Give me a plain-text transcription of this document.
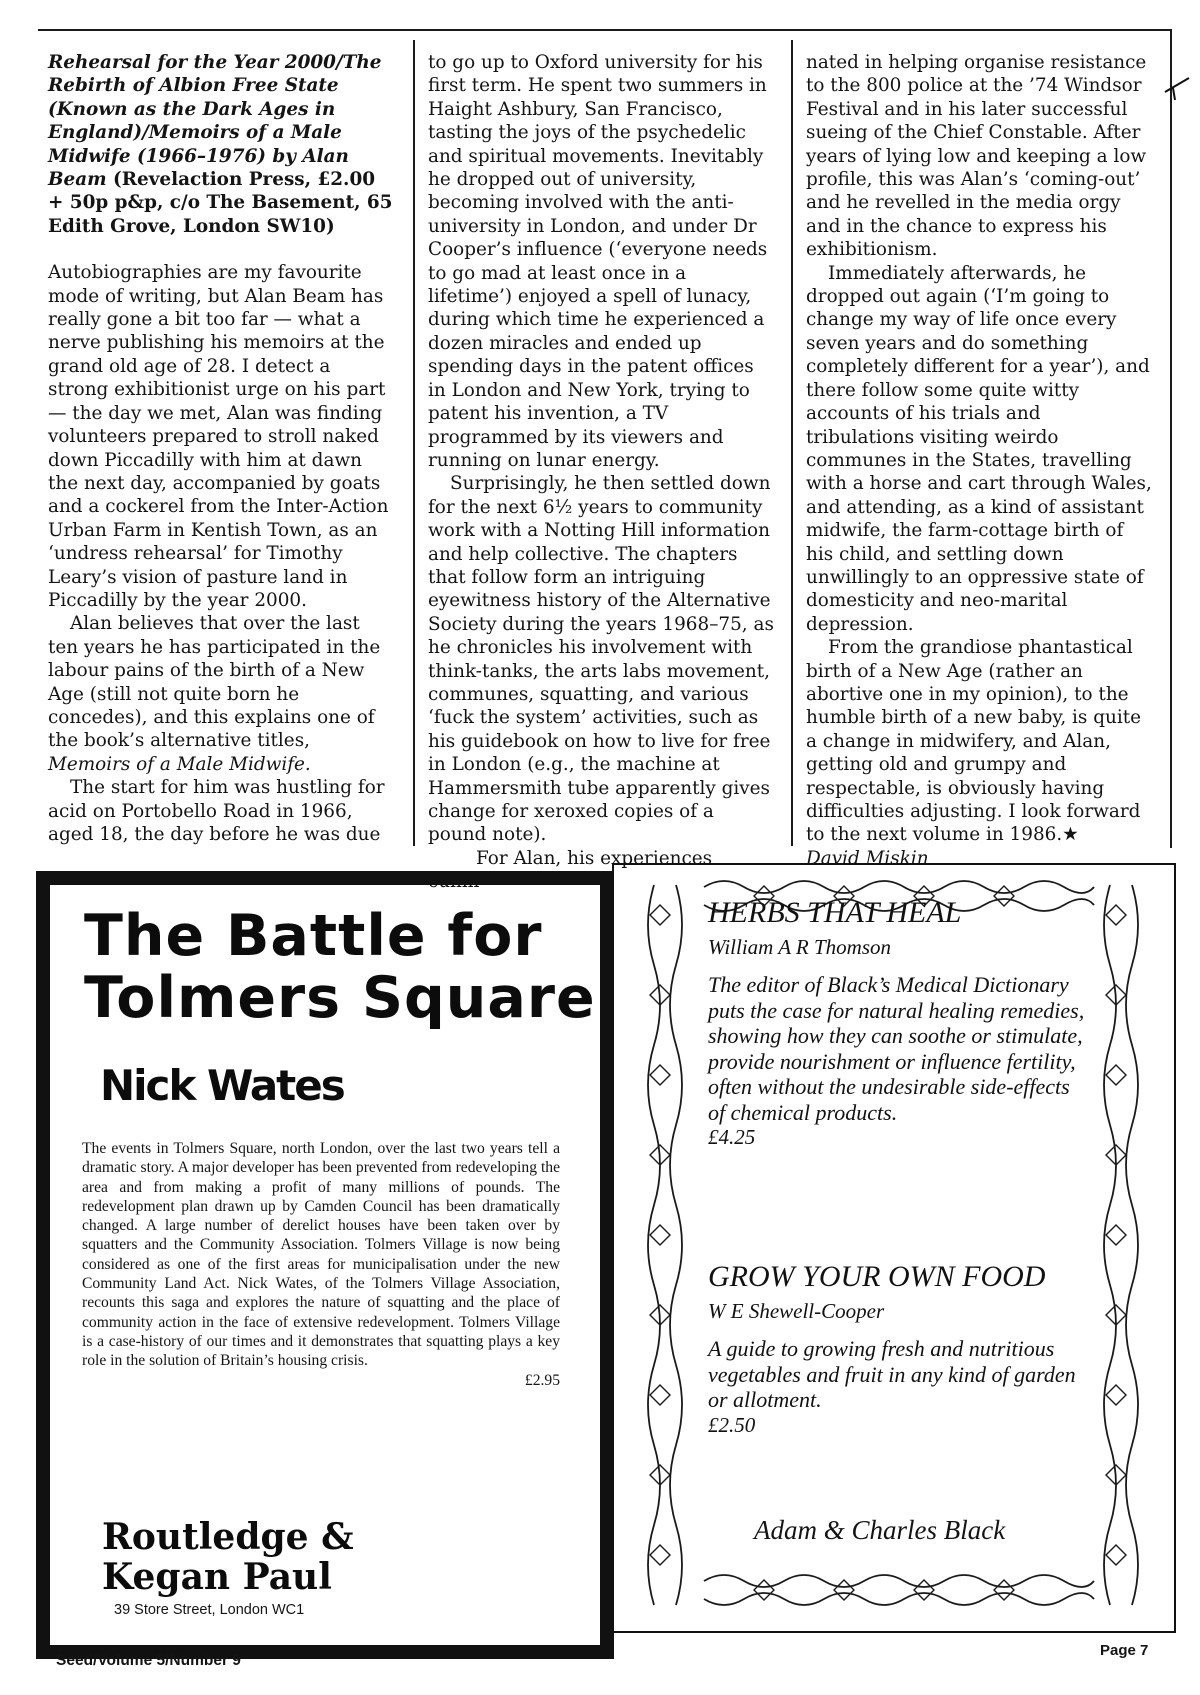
Rehearsal for the Year 2000/The Rebirth of Albion Free State (Known as the Dark Ages in England)/Memoirs of a Male Midwife (1966–1976) by Alan Beam (Revelaction Press, £2.00 + 50p p&p, c/o The Basement, 65 Edith Grove, London SW10)

Autobiographies are my favourite mode of writing, but Alan Beam has really gone a bit too far — what a nerve publishing his memoirs at the grand old age of 28. I detect a strong exhibitionist urge on his part — the day we met, Alan was finding volunteers prepared to stroll naked down Piccadilly with him at dawn the next day, accompanied by goats and a cockerel from the Inter-Action Urban Farm in Kentish Town, as an ‘undress rehearsal’ for Timothy Leary’s vision of pasture land in Piccadilly by the year 2000.

Alan believes that over the last ten years he has participated in the labour pains of the birth of a New Age (still not quite born he concedes), and this explains one of the book’s alternative titles, Memoirs of a Male Midwife.

The start for him was hustling for acid on Portobello Road in 1966, aged 18, the day before he was due

to go up to Oxford university for his first term. He spent two summers in Haight Ashbury, San Francisco, tasting the joys of the psychedelic and spiritual movements. Inevitably he dropped out of university, becoming involved with the anti-university in London, and under Dr Cooper’s influence (‘everyone needs to go mad at least once in a lifetime’) enjoyed a spell of lunacy, during which time he experienced a dozen miracles and ended up spending days in the patent offices in London and New York, trying to patent his invention, a TV programmed by its viewers and running on lunar energy.

Surprisingly, he then settled down for the next 6½ years to community work with a Notting Hill information and help collective. The chapters that follow form an intriguing eyewitness history of the Alternative Society during the years 1968–75, as he chronicles his involvement with think-tanks, the arts labs movement, communes, squatting, and various ‘fuck the system’ activities, such as his guidebook on how to live for free in London (e.g., the machine at Hammersmith tube apparently gives change for xeroxed copies of a pound note).

For Alan, his experiences culmi-

nated in helping organise resistance to the 800 police at the ’74 Windsor Festival and in his later successful sueing of the Chief Constable. After years of lying low and keeping a low profile, this was Alan’s ‘coming-out’ and he revelled in the media orgy and in the chance to express his exhibitionism.

Immediately afterwards, he dropped out again (‘I’m going to change my way of life once every seven years and do something completely different for a year’), and there follow some quite witty accounts of his trials and tribulations visiting weirdo communes in the States, travelling with a horse and cart through Wales, and attending, as a kind of assistant midwife, the farm-cottage birth of his child, and settling down unwillingly to an oppressive state of domesticity and neo-marital depression.

From the grandiose phantastical birth of a New Age (rather an abortive one in my opinion), to the humble birth of a new baby, is quite a change in midwifery, and Alan, getting old and grumpy and respectable, is obviously having difficulties adjusting. I look forward to the next volume in 1986.★

David Miskin

The Battle for
Tolmers Square
Nick Wates
The events in Tolmers Square, north London, over the last two years tell a dramatic story. A major developer has been prevented from redeveloping the area and from making a profit of many millions of pounds. The redevelopment plan drawn up by Camden Council has been dramatically changed. A large number of derelict houses have been taken over by squatters and the Community Association. Tolmers Village is now being considered as one of the first areas for municipalisation under the new Community Land Act. Nick Wates, of the Tolmers Village Association, recounts this saga and explores the nature of squatting and the place of community action in the face of extensive redevelopment. Tolmers Village is a case-history of our times and it demonstrates that squatting plays a key role in the solution of Britain’s housing crisis.
£2.95
Routledge &
Kegan Paul
39 Store Street, London WC1
HERBS THAT HEAL
William A R Thomson
The editor of Black’s Medical Dictionary puts the case for natural healing remedies, showing how they can soothe or stimulate, provide nourishment or influence fertility, often without the undesirable side-effects of chemical products.
£4.25
GROW YOUR OWN FOOD
W E Shewell-Cooper
A guide to growing fresh and nutritious vegetables and fruit in any kind of garden or allotment.
£2.50
Adam & Charles Black
Seed/Volume 5/Number 9
Page 7
